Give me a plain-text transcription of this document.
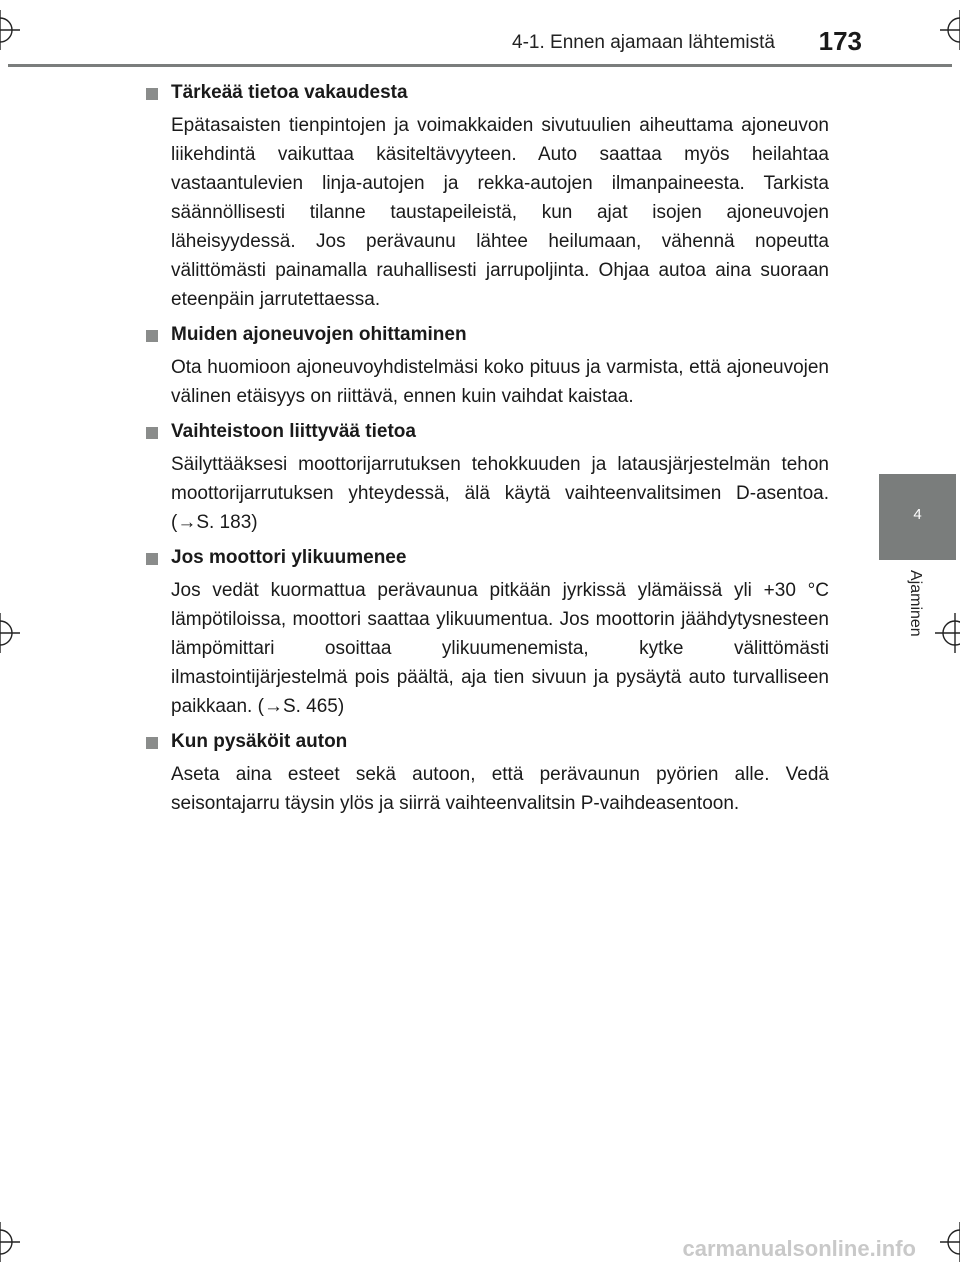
4-1. Ennen ajamaan lähtemistä 173
4
Ajaminen
Tärkeää tietoa vakaudesta

Epätasaisten tienpintojen ja voimakkaiden sivutuulien aiheuttama ajoneuvon liikehdintä vaikuttaa käsiteltävyyteen. Auto saattaa myös heilahtaa vastaantulevien linja-autojen ja rekka-autojen ilmanpaineesta. Tarkista säännöllisesti tilanne taustapeileistä, kun ajat isojen ajoneuvojen läheisyydessä. Jos perävaunu lähtee heilumaan, vähennä nopeutta välittömästi painamalla rauhallisesti jarrupoljinta. Ohjaa autoa aina suoraan eteenpäin jarrutettaessa.

Muiden ajoneuvojen ohittaminen

Ota huomioon ajoneuvoyhdistelmäsi koko pituus ja varmista, että ajoneuvojen välinen etäisyys on riittävä, ennen kuin vaihdat kaistaa.

Vaihteistoon liittyvää tietoa

Säilyttääksesi moottorijarrutuksen tehokkuuden ja latausjärjestelmän tehon moottorijarrutuksen yhteydessä, älä käytä vaihteenvalitsimen D-asentoa. (→S. 183)

Jos moottori ylikuumenee

Jos vedät kuormattua perävaunua pitkään jyrkissä ylämäissä yli +30 °C lämpötiloissa, moottori saattaa ylikuumentua. Jos moottorin jäähdytysnesteen lämpömittari osoittaa ylikuumenemista, kytke välittömästi ilmastointijärjestelmä pois päältä, aja tien sivuun ja pysäytä auto turvalliseen paikkaan. (→S. 465)

Kun pysäköit auton

Aseta aina esteet sekä autoon, että perävaunun pyörien alle. Vedä seisontajarru täysin ylös ja siirrä vaihteenvalitsin P-vaihdeasentoon.

carmanualsonline.info
